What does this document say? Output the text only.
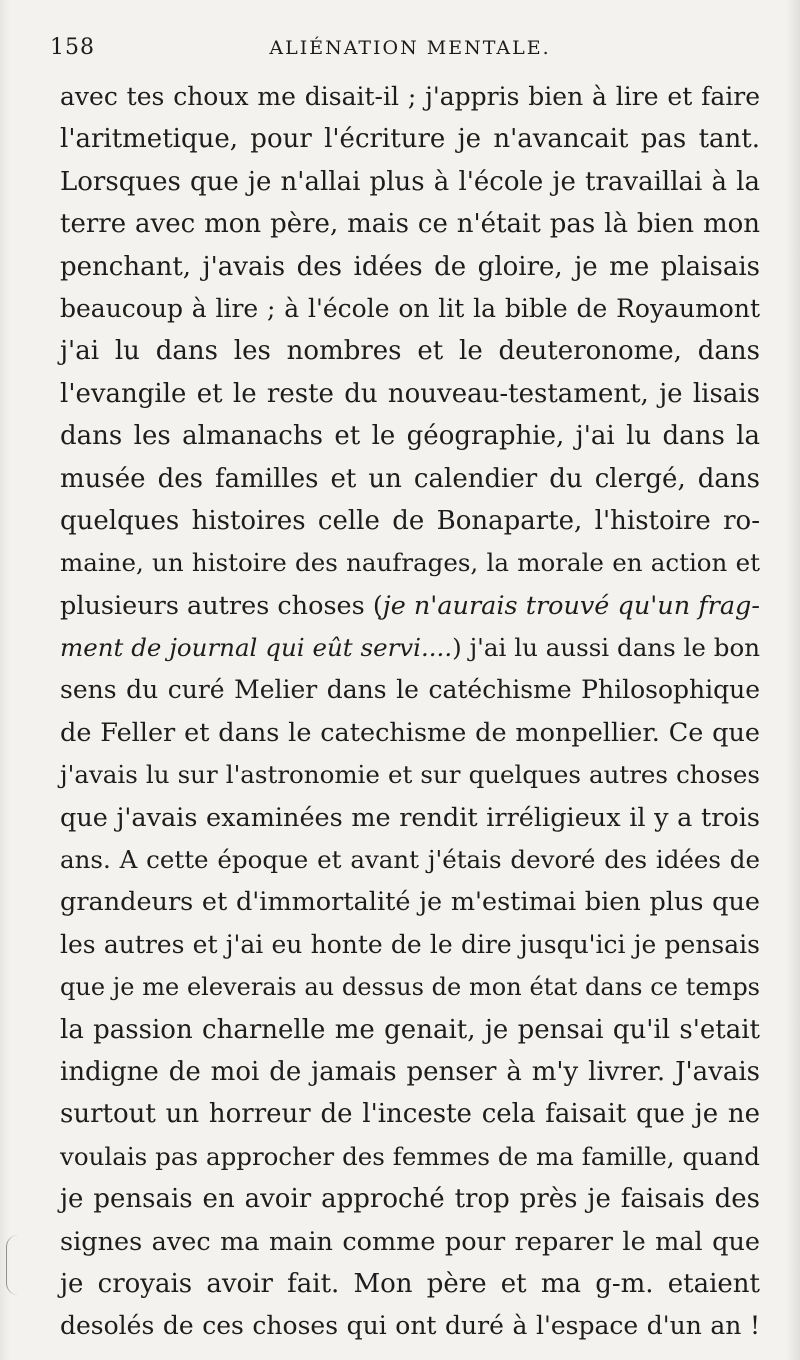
158	ALIÉNATION MENTALE.
avec tes choux me disait-il ; j'appris bien à lire et faire
l'aritmetique, pour l'écriture je n'avancait pas tant.
Lorsques que je n'allai plus à l'école je travaillai à la
terre avec mon père, mais ce n'était pas là bien mon
penchant, j'avais des idées de gloire, je me plaisais
beaucoup à lire ; à l'école on lit la bible de Royaumont
j'ai lu dans les nombres et le deuteronome, dans
l'evangile et le reste du nouveau-testament, je lisais
dans les almanachs et le géographie, j'ai lu dans la
musée des familles et un calendier du clergé, dans
quelques histoires celle de Bonaparte, l'histoire ro-
maine, un histoire des naufrages, la morale en action et
plusieurs autres choses (je n'aurais trouvé qu'un frag-
ment de journal qui eût servi....) j'ai lu aussi dans le bon
sens du curé Melier dans le catéchisme Philosophique
de Feller et dans le catechisme de monpellier. Ce que
j'avais lu sur l'astronomie et sur quelques autres choses
que j'avais examinées me rendit irréligieux il y a trois
ans. A cette époque et avant j'étais devoré des idées de
grandeurs et d'immortalité je m'estimai bien plus que
les autres et j'ai eu honte de le dire jusqu'ici je pensais
que je me eleverais au dessus de mon état dans ce temps
la passion charnelle me genait, je pensai qu'il s'etait
indigne de moi de jamais penser à m'y livrer. J'avais
surtout un horreur de l'inceste cela faisait que je ne
voulais pas approcher des femmes de ma famille, quand
je pensais en avoir approché trop près je faisais des
signes avec ma main comme pour reparer le mal que
je croyais avoir fait. Mon père et ma g-m. etaient
desolés de ces choses qui ont duré à l'espace d'un an !
